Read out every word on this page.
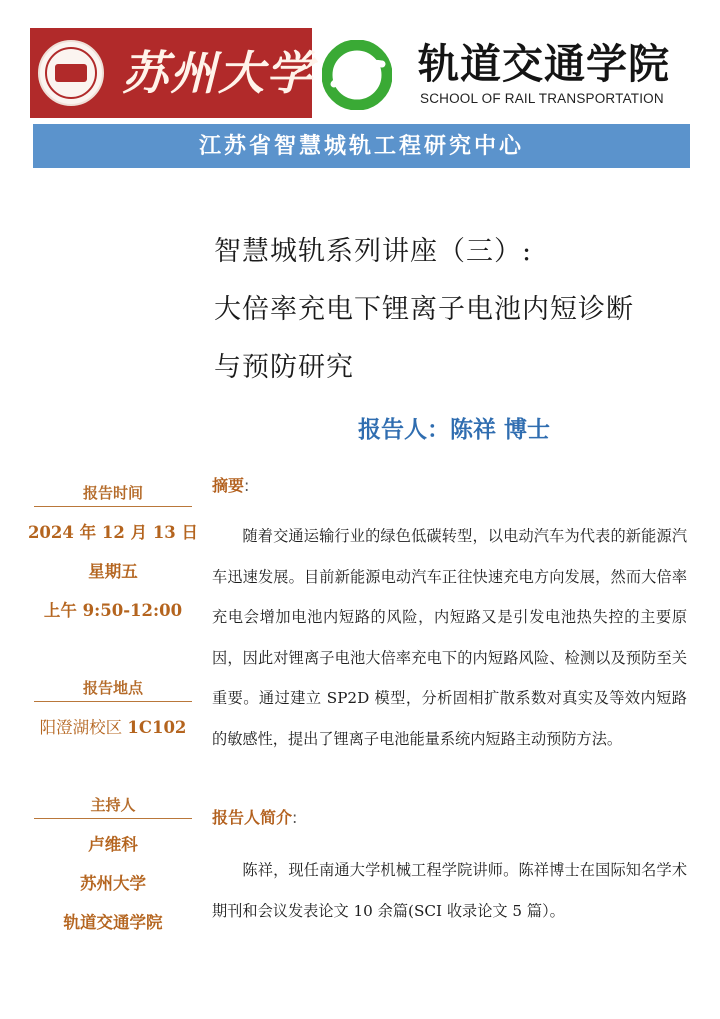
苏州大学	轨道交通学院
SCHOOL OF RAIL TRANSPORTATION
江苏省智慧城轨工程研究中心
智慧城轨系列讲座（三）:
大倍率充电下锂离子电池内短诊断
与预防研究
报告人：陈祥 博士
报告时间
2024 年 12 月 13 日
星期五
上午 9:50-12:00
报告地点
阳澄湖校区 1C102
主持人
卢维科
苏州大学
轨道交通学院
摘要:
随着交通运输行业的绿色低碳转型，以电动汽车为代表的新能源汽车迅速发展。目前新能源电动汽车正往快速充电方向发展，然而大倍率充电会增加电池内短路的风险，内短路又是引发电池热失控的主要原因，因此对锂离子电池大倍率充电下的内短路风险、检测以及预防至关重要。通过建立 SP2D 模型，分析固相扩散系数对真实及等效内短路的敏感性，提出了锂离子电池能量系统内短路主动预防方法。
报告人简介:
陈祥，现任南通大学机械工程学院讲师。陈祥博士在国际知名学术期刊和会议发表论文 10 余篇(SCI 收录论文 5 篇）。
